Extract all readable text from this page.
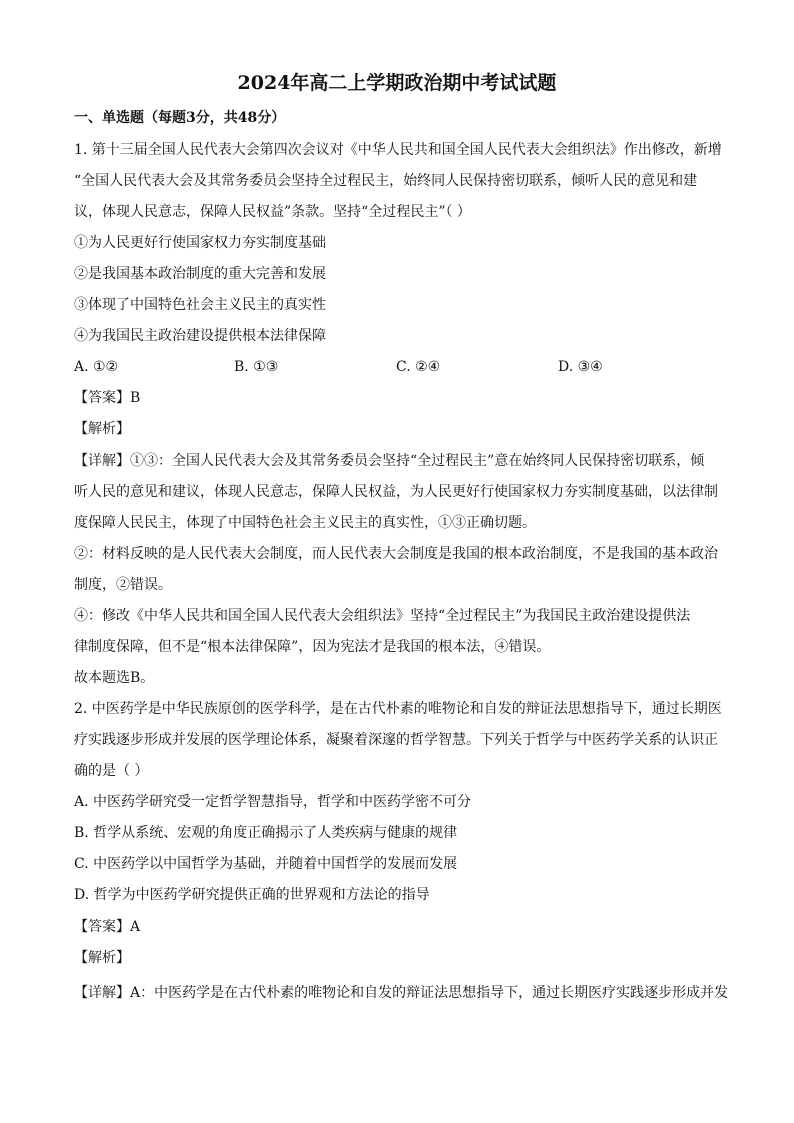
2024年高二上学期政治期中考试试题
一、单选题（每题3分，共48分）
1. 第十三届全国人民代表大会第四次会议对《中华人民共和国全国人民代表大会组织法》作出修改，新增
“全国人民代表大会及其常务委员会坚持全过程民主，始终同人民保持密切联系，倾听人民的意见和建
议，体现人民意志，保障人民权益”条款。坚持“全过程民主”（ ）
①为人民更好行使国家权力夯实制度基础
②是我国基本政治制度的重大完善和发展
③体现了中国特色社会主义民主的真实性
④为我国民主政治建设提供根本法律保障
A. ①②	B. ①③	C. ②④	D. ③④
【答案】B
【解析】
【详解】①③：全国人民代表大会及其常务委员会坚持“全过程民主”意在始终同人民保持密切联系，倾
听人民的意见和建议，体现人民意志，保障人民权益，为人民更好行使国家权力夯实制度基础，以法律制
度保障人民民主，体现了中国特色社会主义民主的真实性，①③正确切题。
②：材料反映的是人民代表大会制度，而人民代表大会制度是我国的根本政治制度，不是我国的基本政治
制度，②错误。
④：修改《中华人民共和国全国人民代表大会组织法》坚持“全过程民主”为我国民主政治建设提供法
律制度保障，但不是“根本法律保障”，因为宪法才是我国的根本法，④错误。
故本题选B。
2. 中医药学是中华民族原创的医学科学，是在古代朴素的唯物论和自发的辩证法思想指导下，通过长期医
疗实践逐步形成并发展的医学理论体系，凝聚着深邃的哲学智慧。下列关于哲学与中医药学关系的认识正
确的是（ ）
A. 中医药学研究受一定哲学智慧指导，哲学和中医药学密不可分
B. 哲学从系统、宏观的角度正确揭示了人类疾病与健康的规律
C. 中医药学以中国哲学为基础，并随着中国哲学的发展而发展
D. 哲学为中医药学研究提供正确的世界观和方法论的指导
【答案】A
【解析】
【详解】A：中医药学是在古代朴素的唯物论和自发的辩证法思想指导下，通过长期医疗实践逐步形成并发
